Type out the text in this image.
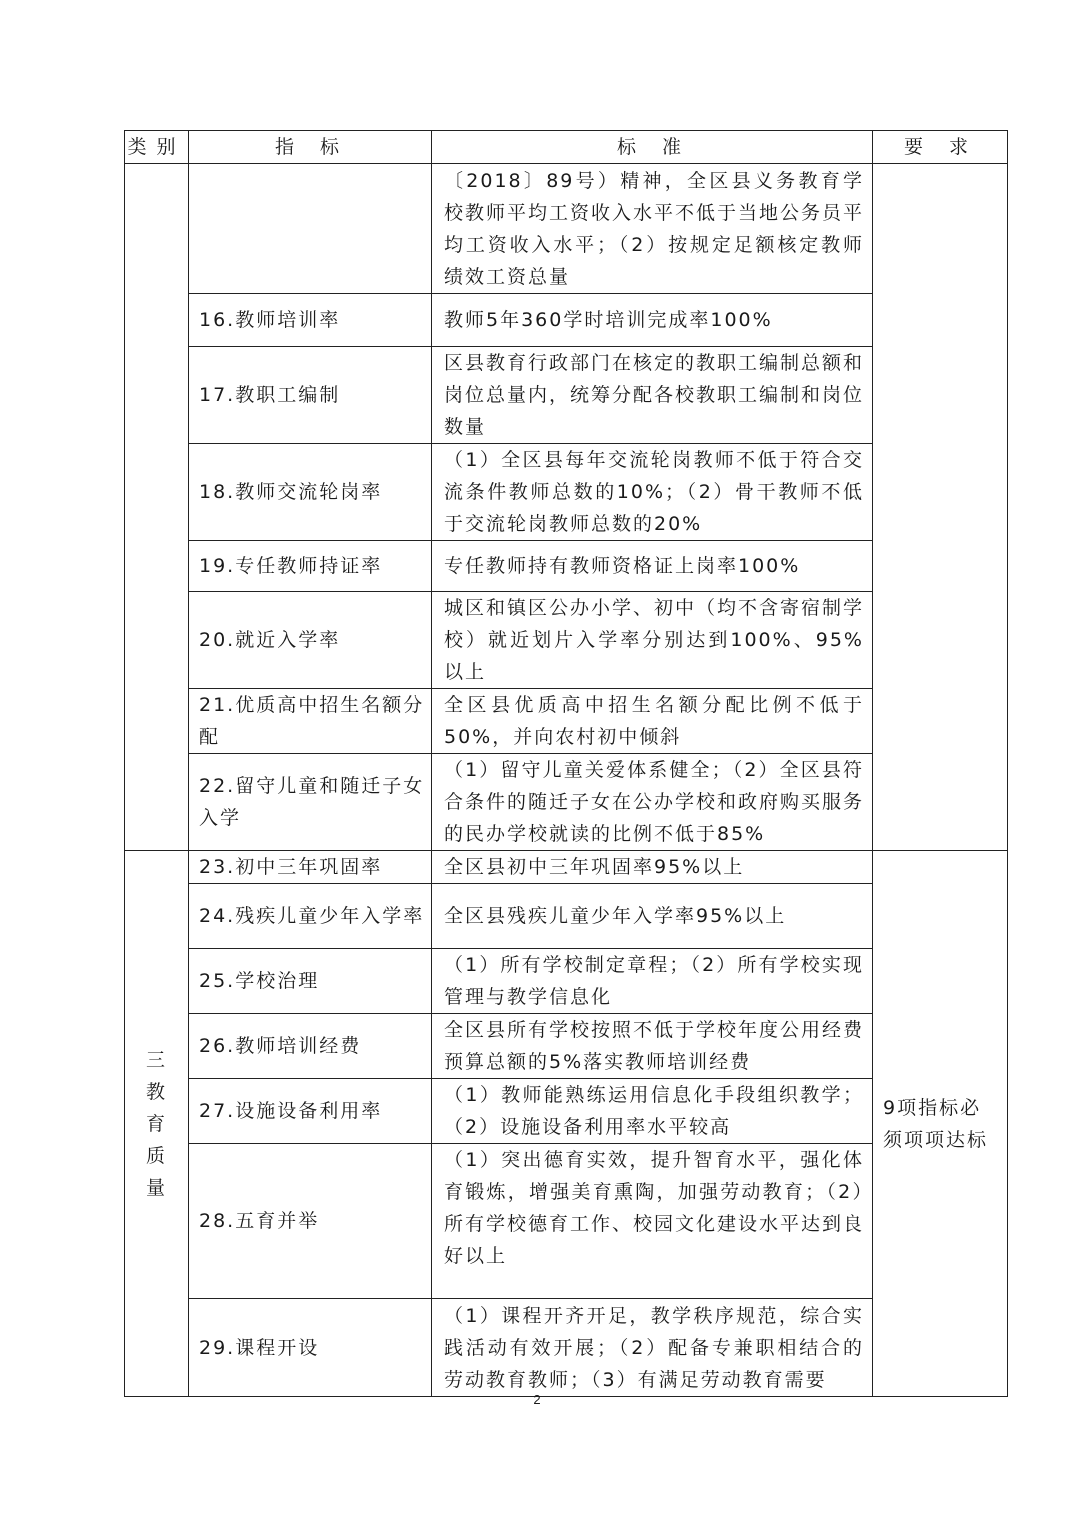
类别	指 标	标 准	要 求
		〔2018〕89号）精神，全区县义务教育学校教师平均工资收入水平不低于当地公务员平均工资收入水平；（2）按规定足额核定教师绩效工资总量	
	16.教师培训率	教师5年360学时培训完成率100%	
	17.教职工编制	区县教育行政部门在核定的教职工编制总额和岗位总量内，统筹分配各校教职工编制和岗位数量	
	18.教师交流轮岗率	（1）全区县每年交流轮岗教师不低于符合交流条件教师总数的10%；（2）骨干教师不低于交流轮岗教师总数的20%	
	19.专任教师持证率	专任教师持有教师资格证上岗率100%	
	20.就近入学率	城区和镇区公办小学、初中（均不含寄宿制学校）就近划片入学率分别达到100%、95%以上	
	21.优质高中招生名额分配	全区县优质高中招生名额分配比例不低于50%，并向农村初中倾斜	
	22.留守儿童和随迁子女入学	（1）留守儿童关爱体系健全；（2）全区县符合条件的随迁子女在公办学校和政府购买服务的民办学校就读的比例不低于85%	

三
教育质量	23.初中三年巩固率	全区县初中三年巩固率95%以上	9项指标必须项项达标
	24.残疾儿童少年入学率	全区县残疾儿童少年入学率95%以上	
	25.学校治理	（1）所有学校制定章程；（2）所有学校实现管理与教学信息化	
	26.教师培训经费	全区县所有学校按照不低于学校年度公用经费预算总额的5%落实教师培训经费	
	27.设施设备利用率	（1）教师能熟练运用信息化手段组织教学；（2）设施设备利用率水平较高	
	28.五育并举	（1）突出德育实效，提升智育水平，强化体育锻炼，增强美育熏陶，加强劳动教育；（2）所有学校德育工作、校园文化建设水平达到良好以上	
	29.课程开设	（1）课程开齐开足，教学秩序规范，综合实践活动有效开展；（2）配备专兼职相结合的劳动教育教师；（3）有满足劳动教育需要	
2
